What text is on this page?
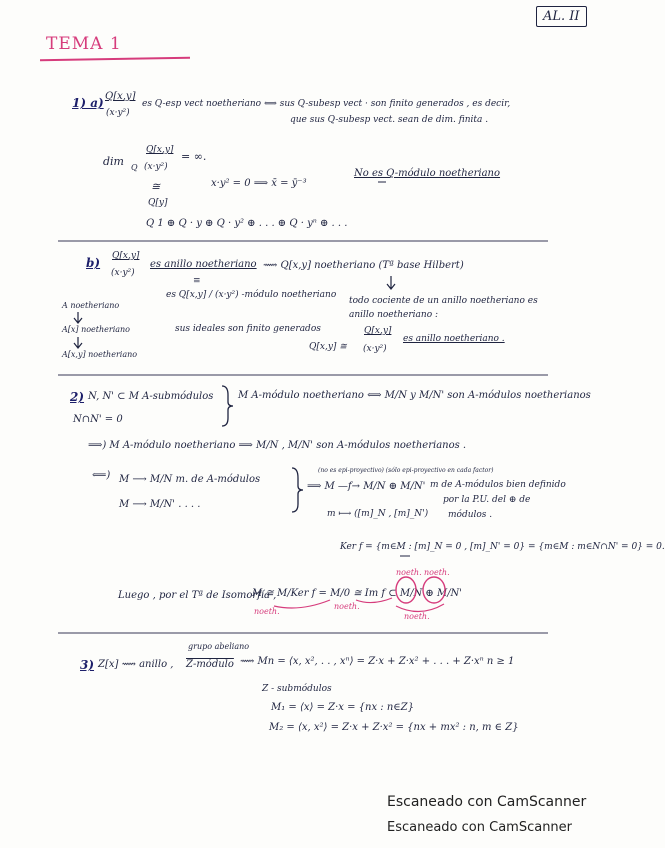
AL. II
TEMA 1
1) a) Q[x,y]
(x·y²)
es Q-esp vect noetheriano ⟺ sus Q-subesp vect · son finito generados , es decir,
que sus Q-subesp vect. sean de dim. finita .
dim Q
Q[x,y]
(x·y²)
= ∞.
≅	x·y² = 0 ⟹ x̄ = ȳ⁻³
No es Q-módulo noetheriano
Q[y]
Q 1 ⊕ Q · y ⊕ Q · y² ⊕ . . . ⊕ Q · yⁿ ⊕ . . .
b) Q[x,y]
(x·y²)
es anillo noetheriano ⟿ Q[x,y] noetheriano (Tª base Hilbert)
≡
es Q[x,y] / (x·y²) -módulo noetheriano
sus ideales son finito generados
todo cociente de un anillo noetheriano es
anillo noetheriano :
Q[x,y] ≅
Q[x,y]
(x·y²)
es anillo noetheriano .
A noetheriano
A[x] noetheriano
A[x,y] noetheriano
2) N, N' ⊂ M A-submódulos
N∩N' = 0
M A-módulo noetheriano ⟺ M/N y M/N' son A-módulos noetherianos
⟹) M A-módulo noetheriano ⟹ M/N , M/N' son A-módulos noetherianos .
⟸) M ⟶ M/N m. de A-módulos
M ⟶ M/N' . . . .
(no es epi-proyectivo) (sólo epi-proyectivo en cada factor)
⟹ M —f→ M/N ⊕ M/N' m de A-módulos bien definido
por la P.U. del ⊕ de
módulos .
m ⟼ ([m]_N , [m]_N')
Ker f = {m∈M : [m]_N = 0 , [m]_N' = 0} = {m∈M : m∈N∩N' = 0} = 0.
Luego , por el Tª de Isomorfía ,
M ≅ M/Ker f = M/0 ≅ Im f ⊂ M/N ⊕ M/N'
noeth. noeth.
noeth.
noeth.
noeth.
3) Z[x] ⟿ anillo ,
grupo abeliano
Z-módulo ⟿ Mn = ⟨x, x², . . , xⁿ⟩ = Z·x + Z·x² + . . . + Z·xⁿ n ≥ 1
Z - submódulos
M₁ = ⟨x⟩ = Z·x = {nx : n∈Z}
M₂ = ⟨x, x²⟩ = Z·x + Z·x² = {nx + mx² : n, m ∈ Z}
Escaneado con CamScanner
Escaneado con CamScanner
